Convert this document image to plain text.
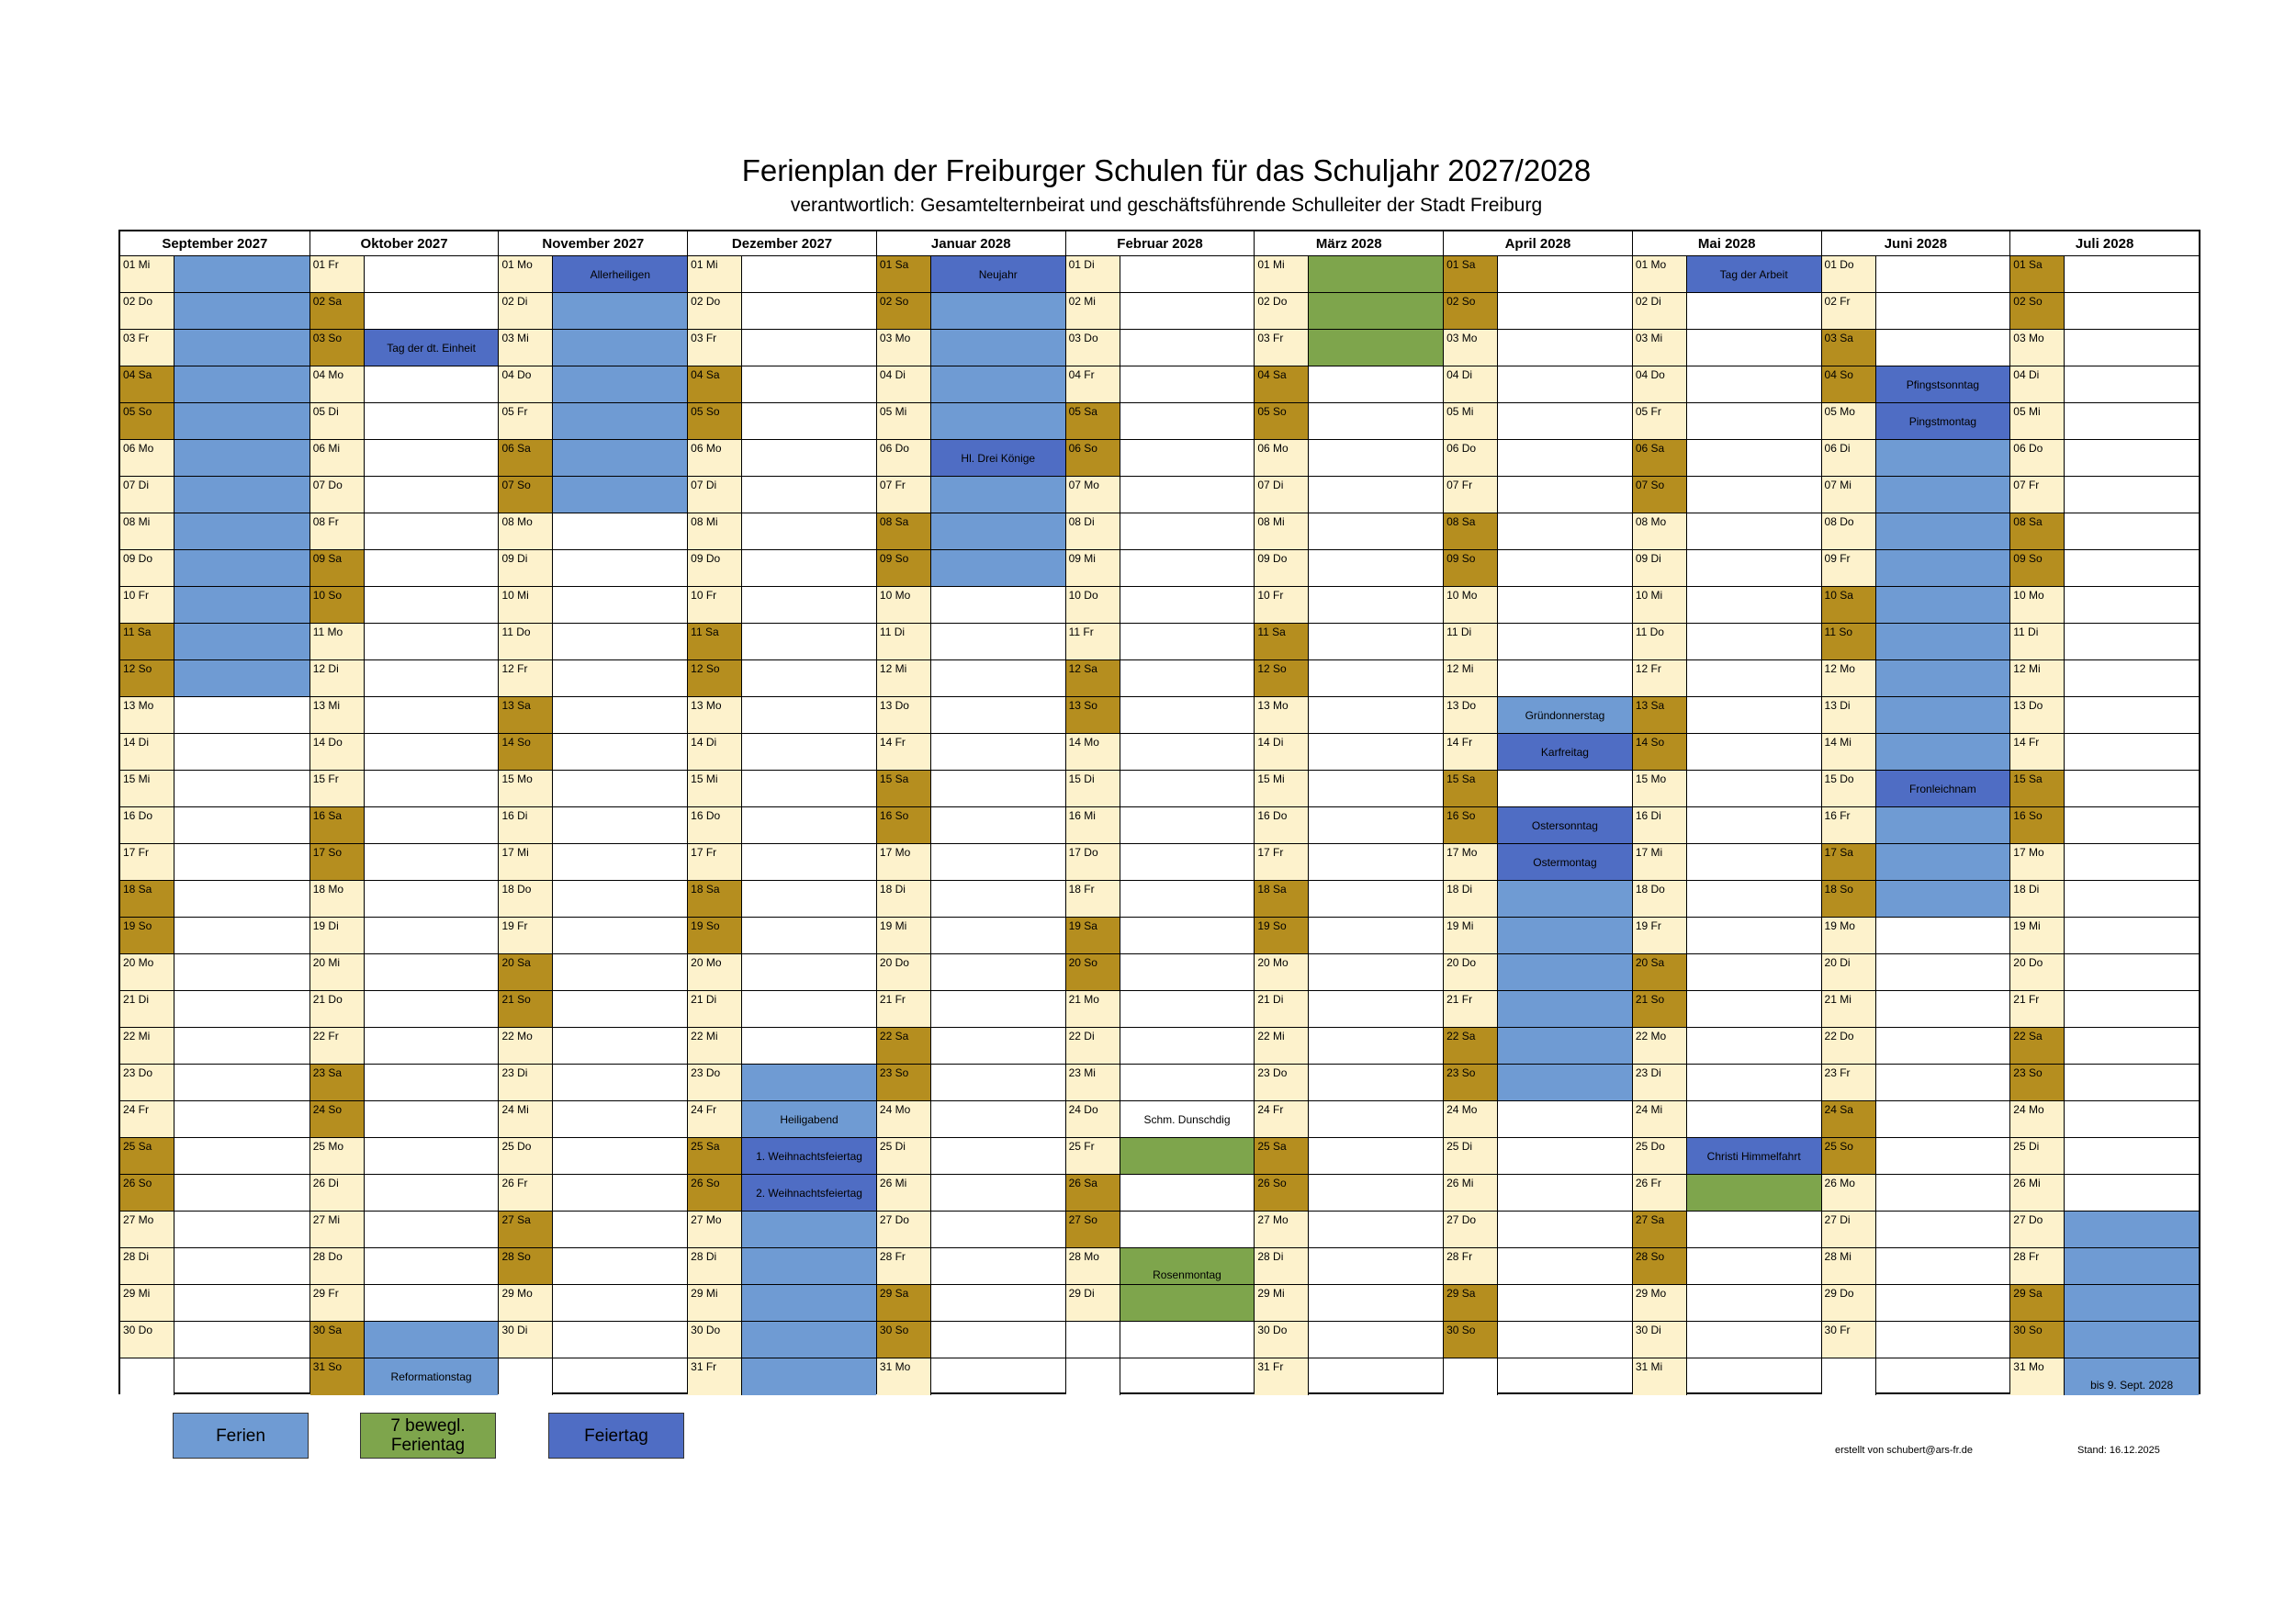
Ferienplan der Freiburger Schulen für das Schuljahr 2027/2028
verantwortlich: Gesamtelternbeirat und geschäftsführende Schulleiter der Stadt Freiburg
September 2027
01 Mi
02 Do
03 Fr
04 Sa
05 So
06 Mo
07 Di
08 Mi
09 Do
10 Fr
11 Sa
12 So
13 Mo
14 Di
15 Mi
16 Do
17 Fr
18 Sa
19 So
20 Mo
21 Di
22 Mi
23 Do
24 Fr
25 Sa
26 So
27 Mo
28 Di
29 Mi
30 Do
Oktober 2027
01 Fr
02 Sa
03 So
Tag der dt. Einheit
04 Mo
05 Di
06 Mi
07 Do
08 Fr
09 Sa
10 So
11 Mo
12 Di
13 Mi
14 Do
15 Fr
16 Sa
17 So
18 Mo
19 Di
20 Mi
21 Do
22 Fr
23 Sa
24 So
25 Mo
26 Di
27 Mi
28 Do
29 Fr
30 Sa
31 So
Reformationstag
November 2027
01 Mo
Allerheiligen
02 Di
03 Mi
04 Do
05 Fr
06 Sa
07 So
08 Mo
09 Di
10 Mi
11 Do
12 Fr
13 Sa
14 So
15 Mo
16 Di
17 Mi
18 Do
19 Fr
20 Sa
21 So
22 Mo
23 Di
24 Mi
25 Do
26 Fr
27 Sa
28 So
29 Mo
30 Di
Dezember 2027
01 Mi
02 Do
03 Fr
04 Sa
05 So
06 Mo
07 Di
08 Mi
09 Do
10 Fr
11 Sa
12 So
13 Mo
14 Di
15 Mi
16 Do
17 Fr
18 Sa
19 So
20 Mo
21 Di
22 Mi
23 Do
24 Fr
Heiligabend
25 Sa
1. Weihnachtsfeiertag
26 So
2. Weihnachtsfeiertag
27 Mo
28 Di
29 Mi
30 Do
31 Fr
Januar 2028
01 Sa
Neujahr
02 So
03 Mo
04 Di
05 Mi
06 Do
Hl. Drei Könige
07 Fr
08 Sa
09 So
10 Mo
11 Di
12 Mi
13 Do
14 Fr
15 Sa
16 So
17 Mo
18 Di
19 Mi
20 Do
21 Fr
22 Sa
23 So
24 Mo
25 Di
26 Mi
27 Do
28 Fr
29 Sa
30 So
31 Mo
Februar 2028
01 Di
02 Mi
03 Do
04 Fr
05 Sa
06 So
07 Mo
08 Di
09 Mi
10 Do
11 Fr
12 Sa
13 So
14 Mo
15 Di
16 Mi
17 Do
18 Fr
19 Sa
20 So
21 Mo
22 Di
23 Mi
24 Do
Schm. Dunschdig
25 Fr
26 Sa
27 So
28 Mo
Rosenmontag
29 Di
März 2028
01 Mi
02 Do
03 Fr
04 Sa
05 So
06 Mo
07 Di
08 Mi
09 Do
10 Fr
11 Sa
12 So
13 Mo
14 Di
15 Mi
16 Do
17 Fr
18 Sa
19 So
20 Mo
21 Di
22 Mi
23 Do
24 Fr
25 Sa
26 So
27 Mo
28 Di
29 Mi
30 Do
31 Fr
April 2028
01 Sa
02 So
03 Mo
04 Di
05 Mi
06 Do
07 Fr
08 Sa
09 So
10 Mo
11 Di
12 Mi
13 Do
Gründonnerstag
14 Fr
Karfreitag
15 Sa
16 So
Ostersonntag
17 Mo
Ostermontag
18 Di
19 Mi
20 Do
21 Fr
22 Sa
23 So
24 Mo
25 Di
26 Mi
27 Do
28 Fr
29 Sa
30 So
Mai 2028
01 Mo
Tag der Arbeit
02 Di
03 Mi
04 Do
05 Fr
06 Sa
07 So
08 Mo
09 Di
10 Mi
11 Do
12 Fr
13 Sa
14 So
15 Mo
16 Di
17 Mi
18 Do
19 Fr
20 Sa
21 So
22 Mo
23 Di
24 Mi
25 Do
Christi Himmelfahrt
26 Fr
27 Sa
28 So
29 Mo
30 Di
31 Mi
Juni 2028
01 Do
02 Fr
03 Sa
04 So
Pfingstsonntag
05 Mo
Pingstmontag
06 Di
07 Mi
08 Do
09 Fr
10 Sa
11 So
12 Mo
13 Di
14 Mi
15 Do
Fronleichnam
16 Fr
17 Sa
18 So
19 Mo
20 Di
21 Mi
22 Do
23 Fr
24 Sa
25 So
26 Mo
27 Di
28 Mi
29 Do
30 Fr
Juli 2028
01 Sa
02 So
03 Mo
04 Di
05 Mi
06 Do
07 Fr
08 Sa
09 So
10 Mo
11 Di
12 Mi
13 Do
14 Fr
15 Sa
16 So
17 Mo
18 Di
19 Mi
20 Do
21 Fr
22 Sa
23 So
24 Mo
25 Di
26 Mi
27 Do
28 Fr
29 Sa
30 So
31 Mo
bis 9. Sept. 2028
Ferien	7 bewegl. Ferientag	Feiertag
erstellt von schubert@ars-fr.de	Stand: 16.12.2025
